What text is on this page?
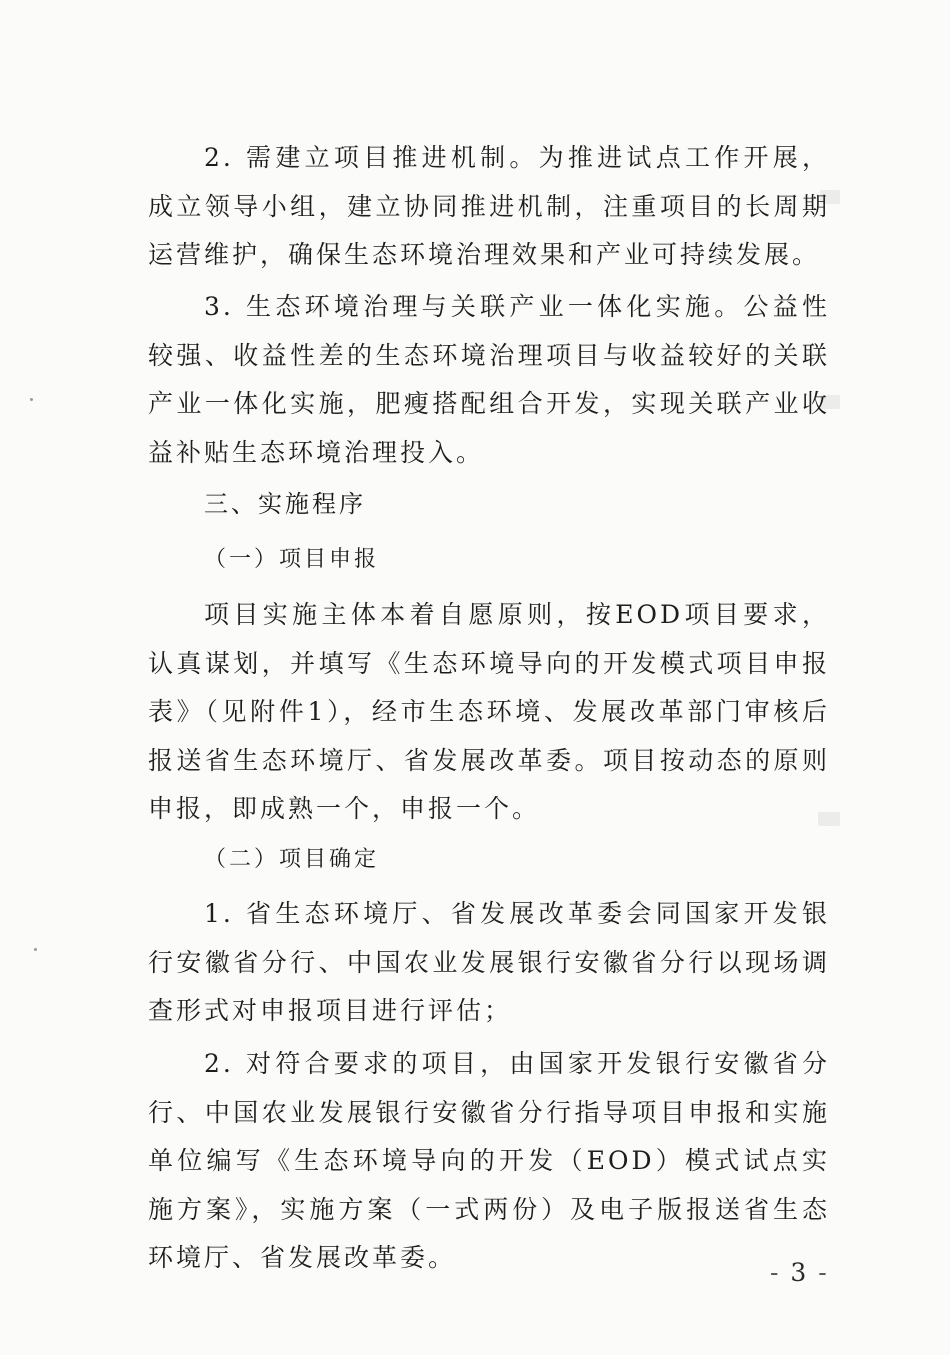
2. 需建立项目推进机制。为推进试点工作开展，成立领导小组，建立协同推进机制，注重项目的长周期运营维护，确保生态环境治理效果和产业可持续发展。

3. 生态环境治理与关联产业一体化实施。公益性较强、收益性差的生态环境治理项目与收益较好的关联产业一体化实施，肥瘦搭配组合开发，实现关联产业收益补贴生态环境治理投入。

三、实施程序
（一）项目申报

项目实施主体本着自愿原则，按EOD项目要求，认真谋划，并填写《生态环境导向的开发模式项目申报表》（见附件1），经市生态环境、发展改革部门审核后报送省生态环境厅、省发展改革委。项目按动态的原则申报，即成熟一个，申报一个。

（二）项目确定

1. 省生态环境厅、省发展改革委会同国家开发银行安徽省分行、中国农业发展银行安徽省分行以现场调查形式对申报项目进行评估；

2. 对符合要求的项目，由国家开发银行安徽省分行、中国农业发展银行安徽省分行指导项目申报和实施单位编写《生态环境导向的开发（EOD）模式试点实施方案》，实施方案（一式两份）及电子版报送省生态环境厅、省发展改革委。

- 3 -
